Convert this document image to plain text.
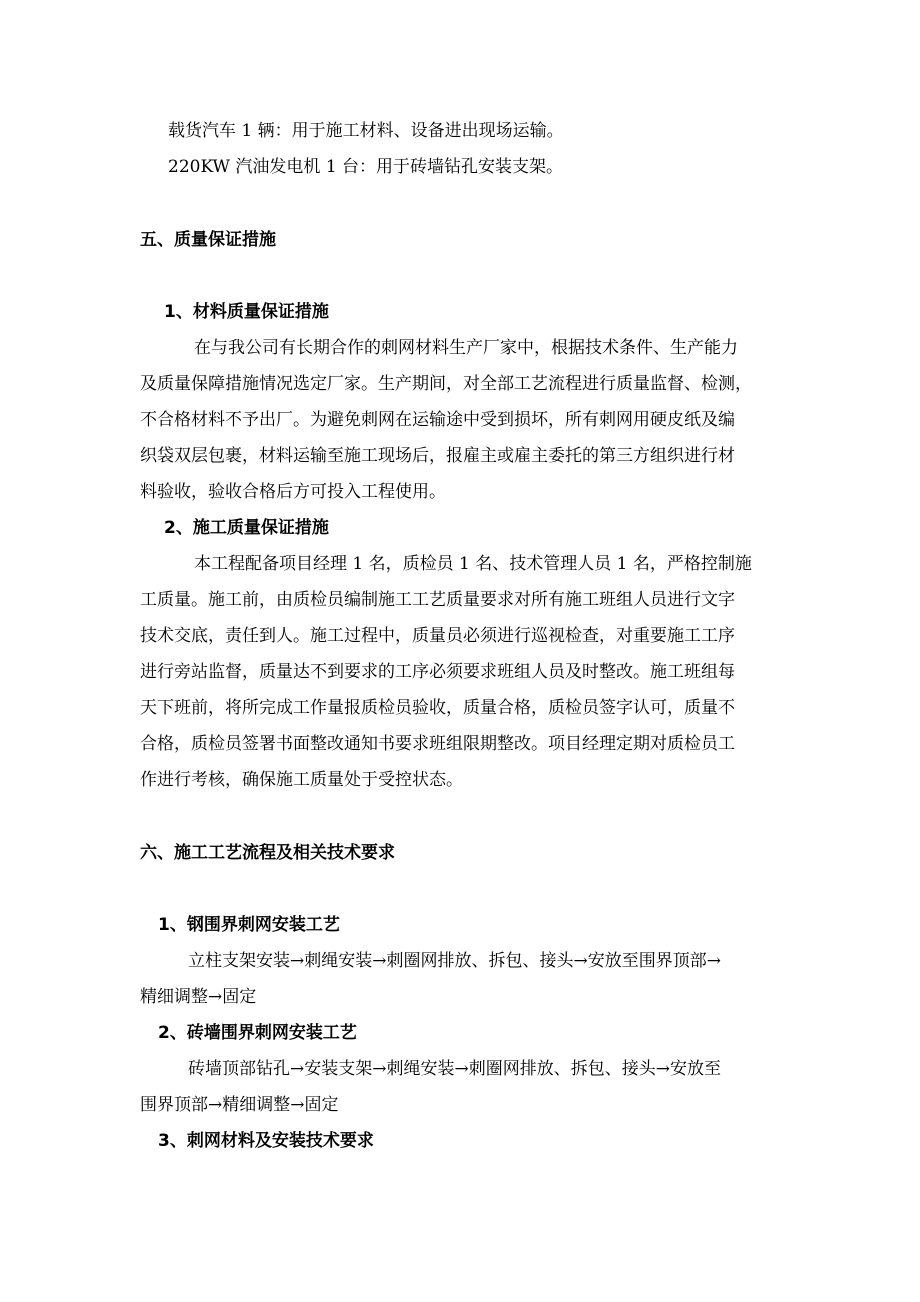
载货汽车 1 辆：用于施工材料、设备进出现场运输。
220KW 汽油发电机 1 台：用于砖墙钻孔安装支架。
五、质量保证措施
1、材料质量保证措施
在与我公司有长期合作的刺网材料生产厂家中，根据技术条件、生产能力
及质量保障措施情况选定厂家。生产期间，对全部工艺流程进行质量监督、检测，
不合格材料不予出厂。为避免刺网在运输途中受到损坏，所有刺网用硬皮纸及编
织袋双层包裹，材料运输至施工现场后，报雇主或雇主委托的第三方组织进行材
料验收，验收合格后方可投入工程使用。
2、施工质量保证措施
本工程配备项目经理 1 名，质检员 1 名、技术管理人员 1 名，严格控制施
工质量。施工前，由质检员编制施工工艺质量要求对所有施工班组人员进行文字
技术交底，责任到人。施工过程中，质量员必须进行巡视检查，对重要施工工序
进行旁站监督，质量达不到要求的工序必须要求班组人员及时整改。施工班组每
天下班前，将所完成工作量报质检员验收，质量合格，质检员签字认可，质量不
合格，质检员签署书面整改通知书要求班组限期整改。项目经理定期对质检员工
作进行考核，确保施工质量处于受控状态。
六、施工工艺流程及相关技术要求
1、钢围界刺网安装工艺
立柱支架安装→刺绳安装→刺圈网排放、拆包、接头→安放至围界顶部→
精细调整→固定
2、砖墙围界刺网安装工艺
砖墙顶部钻孔→安装支架→刺绳安装→刺圈网排放、拆包、接头→安放至
围界顶部→精细调整→固定
3、刺网材料及安装技术要求
